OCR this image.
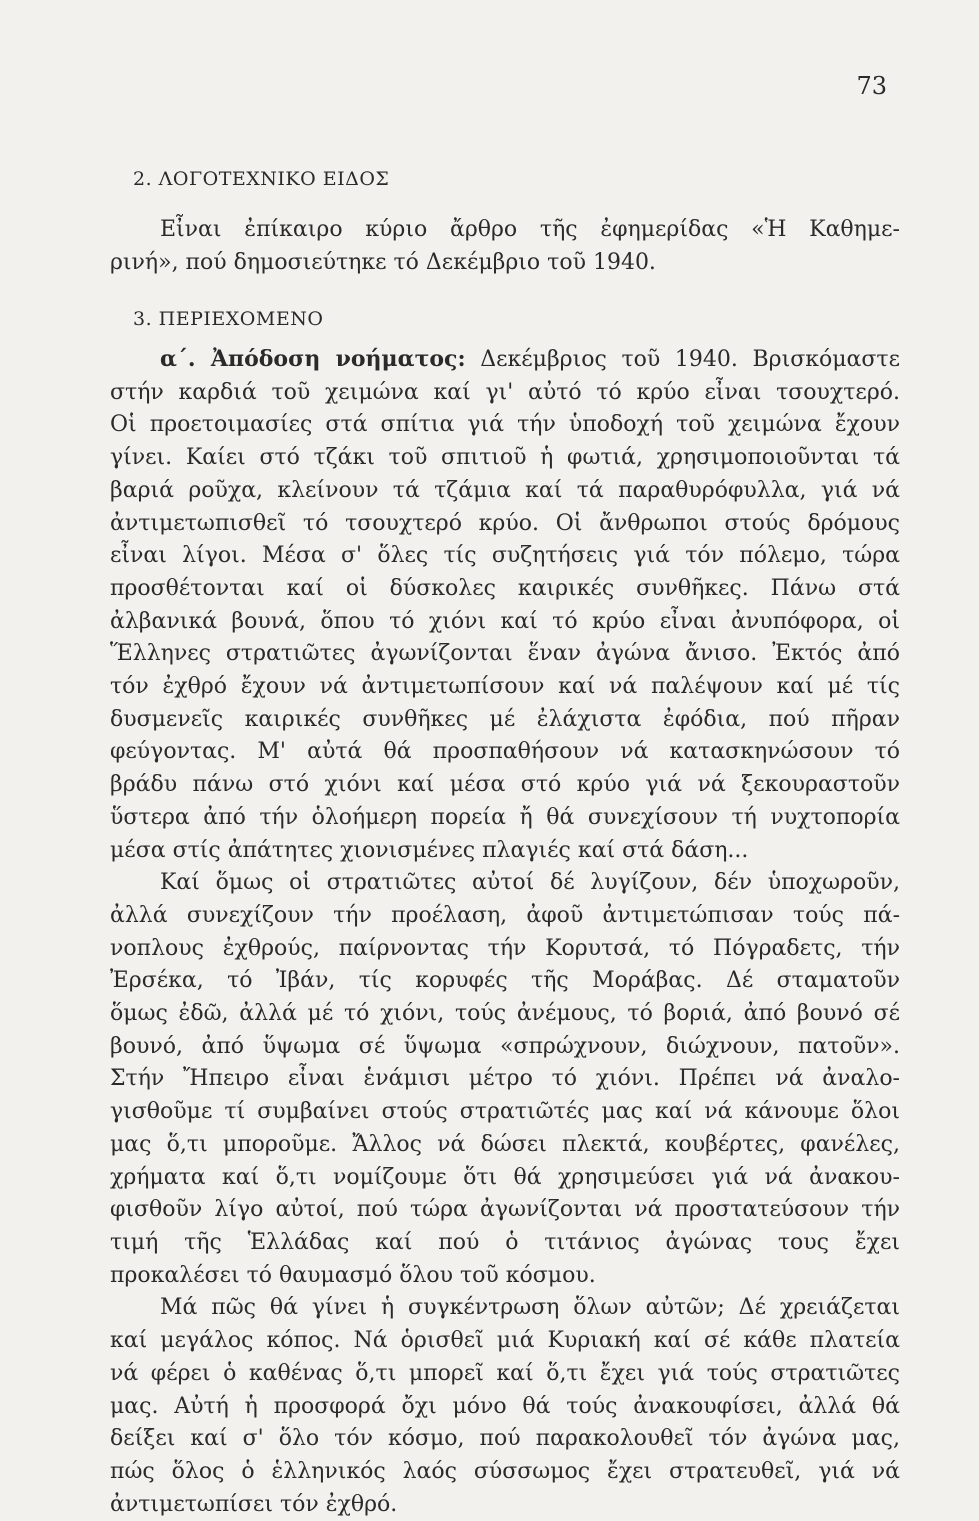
73
2. ΛΟΓΟΤΕΧΝΙΚΟ ΕΙΔΟΣ
Εἶναι ἐπίκαιρο κύριο ἄρθρο τῆς ἐφημερίδας «Ἡ Καθημε-
ρινή», πού δημοσιεύτηκε τό Δεκέμβριο τοῦ 1940.
3. ΠΕΡΙΕΧΟΜΕΝΟ
α΄. Ἀπόδοση νοήματος: Δεκέμβριος τοῦ 1940. Βρισκόμαστε
στήν καρδιά τοῦ χειμώνα καί γι' αὐτό τό κρύο εἶναι τσουχτερό.
Οἱ προετοιμασίες στά σπίτια γιά τήν ὑποδοχή τοῦ χειμώνα ἔχουν
γίνει. Καίει στό τζάκι τοῦ σπιτιοῦ ἡ φωτιά, χρησιμοποιοῦνται τά
βαριά ροῦχα, κλείνουν τά τζάμια καί τά παραθυρόφυλλα, γιά νά
ἀντιμετωπισθεῖ τό τσουχτερό κρύο. Οἱ ἄνθρωποι στούς δρόμους
εἶναι λίγοι. Μέσα σ' ὅλες τίς συζητήσεις γιά τόν πόλεμο, τώρα
προσθέτονται καί οἱ δύσκολες καιρικές συνθῆκες. Πάνω στά
ἀλβανικά βουνά, ὅπου τό χιόνι καί τό κρύο εἶναι ἀνυπόφορα, οἱ
Ἕλληνες στρατιῶτες ἀγωνίζονται ἕναν ἀγώνα ἄνισο. Ἐκτός ἀπό
τόν ἐχθρό ἔχουν νά ἀντιμετωπίσουν καί νά παλέψουν καί μέ τίς
δυσμενεῖς καιρικές συνθῆκες μέ ἐλάχιστα ἐφόδια, πού πῆραν
φεύγοντας. Μ' αὐτά θά προσπαθήσουν νά κατασκηνώσουν τό
βράδυ πάνω στό χιόνι καί μέσα στό κρύο γιά νά ξεκουραστοῦν
ὕστερα ἀπό τήν ὁλοήμερη πορεία ἤ θά συνεχίσουν τή νυχτοπορία
μέσα στίς ἀπάτητες χιονισμένες πλαγιές καί στά δάση...
Καί ὅμως οἱ στρατιῶτες αὐτοί δέ λυγίζουν, δέν ὑποχωροῦν,
ἀλλά συνεχίζουν τήν προέλαση, ἀφοῦ ἀντιμετώπισαν τούς πά-
νοπλους ἐχθρούς, παίρνοντας τήν Κορυτσά, τό Πόγραδετς, τήν
Ἐρσέκα, τό Ἰβάν, τίς κορυφές τῆς Μοράβας. Δέ σταματοῦν
ὅμως ἐδῶ, ἀλλά μέ τό χιόνι, τούς ἀνέμους, τό βοριά, ἀπό βουνό σέ
βουνό, ἀπό ὕψωμα σέ ὕψωμα «σπρώχνουν, διώχνουν, πατοῦν».
Στήν Ἤπειρο εἶναι ἑνάμισι μέτρο τό χιόνι. Πρέπει νά ἀναλο-
γισθοῦμε τί συμβαίνει στούς στρατιῶτές μας καί νά κάνουμε ὅλοι
μας ὅ,τι μποροῦμε. Ἄλλος νά δώσει πλεκτά, κουβέρτες, φανέλες,
χρήματα καί ὅ,τι νομίζουμε ὅτι θά χρησιμεύσει γιά νά ἀνακου-
φισθοῦν λίγο αὐτοί, πού τώρα ἀγωνίζονται νά προστατεύσουν τήν
τιμή τῆς Ἑλλάδας καί πού ὁ τιτάνιος ἀγώνας τους ἔχει
προκαλέσει τό θαυμασμό ὅλου τοῦ κόσμου.
Μά πῶς θά γίνει ἡ συγκέντρωση ὅλων αὐτῶν; Δέ χρειάζεται
καί μεγάλος κόπος. Νά ὁρισθεῖ μιά Κυριακή καί σέ κάθε πλατεία
νά φέρει ὁ καθένας ὅ,τι μπορεῖ καί ὅ,τι ἔχει γιά τούς στρατιῶτες
μας. Αὐτή ἡ προσφορά ὄχι μόνο θά τούς ἀνακουφίσει, ἀλλά θά
δείξει καί σ' ὅλο τόν κόσμο, πού παρακολουθεῖ τόν ἀγώνα μας,
πώς ὅλος ὁ ἑλληνικός λαός σύσσωμος ἔχει στρατευθεῖ, γιά νά
ἀντιμετωπίσει τόν ἐχθρό.
